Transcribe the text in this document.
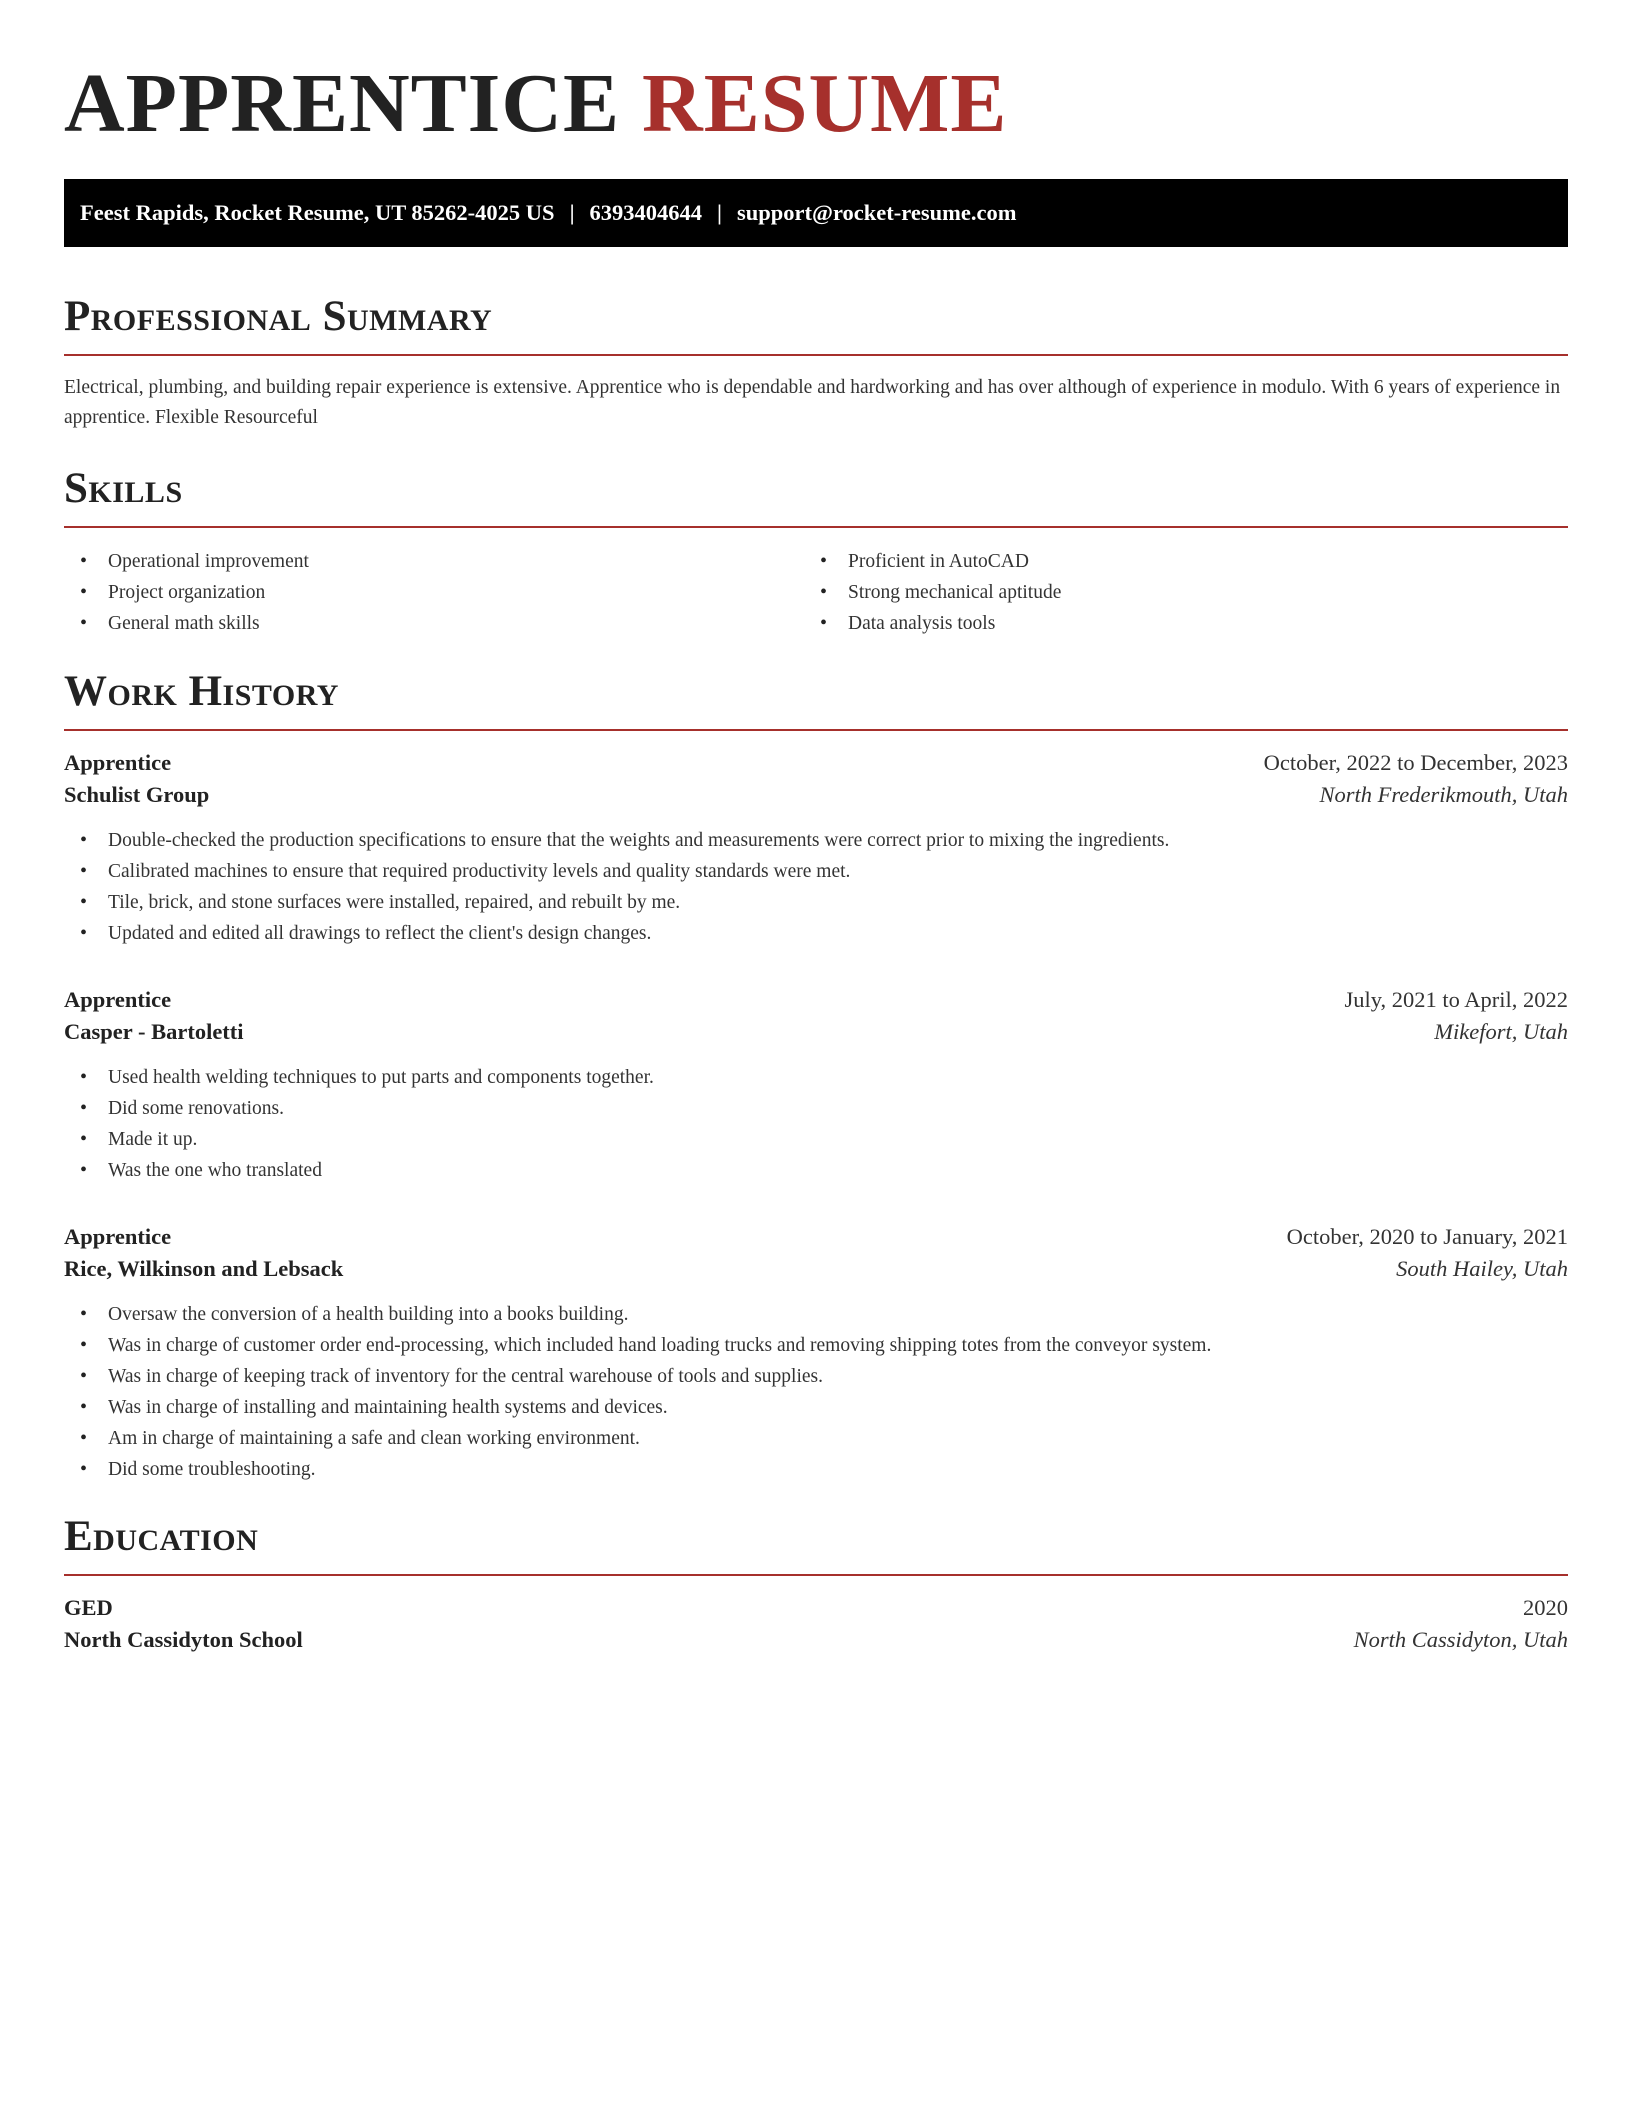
APPRENTICE RESUME
Feest Rapids, Rocket Resume, UT 85262-4025 US | 6393404644 | support@rocket-resume.com
Professional Summary

Electrical, plumbing, and building repair experience is extensive. Apprentice who is dependable and hardworking and has over although of experience in modulo. With 6 years of experience in apprentice. Flexible Resourceful

Skills
• Operational improvement
• Project organization
• General math skills
• Proficient in AutoCAD
• Strong mechanical aptitude
• Data analysis tools
Work History
Apprentice	October, 2022 to December, 2023
Schulist Group	North Frederikmouth, Utah
• Double-checked the production specifications to ensure that the weights and measurements were correct prior to mixing the ingredients.
• Calibrated machines to ensure that required productivity levels and quality standards were met.
• Tile, brick, and stone surfaces were installed, repaired, and rebuilt by me.
• Updated and edited all drawings to reflect the client's design changes.
Apprentice	July, 2021 to April, 2022
Casper - Bartoletti	Mikefort, Utah
• Used health welding techniques to put parts and components together.
• Did some renovations.
• Made it up.
• Was the one who translated
Apprentice	October, 2020 to January, 2021
Rice, Wilkinson and Lebsack	South Hailey, Utah
• Oversaw the conversion of a health building into a books building.
• Was in charge of customer order end-processing, which included hand loading trucks and removing shipping totes from the conveyor system.
• Was in charge of keeping track of inventory for the central warehouse of tools and supplies.
• Was in charge of installing and maintaining health systems and devices.
• Am in charge of maintaining a safe and clean working environment.
• Did some troubleshooting.
Education
GED	2020
North Cassidyton School	North Cassidyton, Utah
